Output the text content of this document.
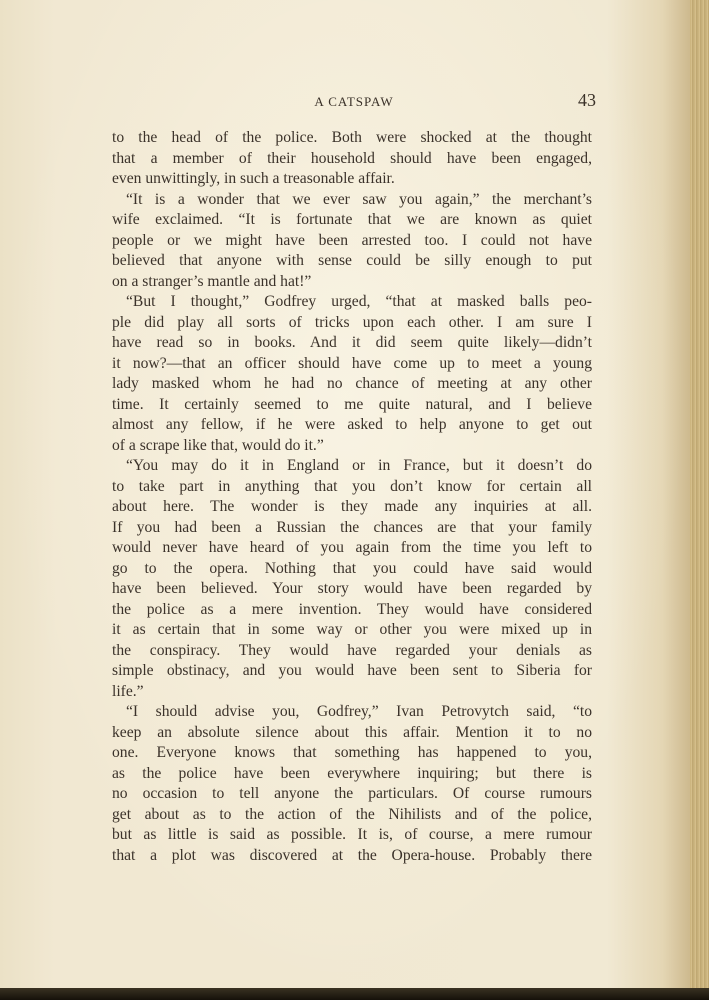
A CATSPAW	43
to the head of the police. Both were shocked at the thought
that a member of their household should have been engaged,
even unwittingly, in such a treasonable affair.
“It is a wonder that we ever saw you again,” the merchant’s
wife exclaimed. “It is fortunate that we are known as quiet
people or we might have been arrested too. I could not have
believed that anyone with sense could be silly enough to put
on a stranger’s mantle and hat!”
“But I thought,” Godfrey urged, “that at masked balls peo-
ple did play all sorts of tricks upon each other. I am sure I
have read so in books. And it did seem quite likely—didn’t
it now?—that an officer should have come up to meet a young
lady masked whom he had no chance of meeting at any other
time. It certainly seemed to me quite natural, and I believe
almost any fellow, if he were asked to help anyone to get out
of a scrape like that, would do it.”
“You may do it in England or in France, but it doesn’t do
to take part in anything that you don’t know for certain all
about here. The wonder is they made any inquiries at all.
If you had been a Russian the chances are that your family
would never have heard of you again from the time you left to
go to the opera. Nothing that you could have said would
have been believed. Your story would have been regarded by
the police as a mere invention. They would have considered
it as certain that in some way or other you were mixed up in
the conspiracy. They would have regarded your denials as
simple obstinacy, and you would have been sent to Siberia for
life.”
“I should advise you, Godfrey,” Ivan Petrovytch said, “to
keep an absolute silence about this affair. Mention it to no
one. Everyone knows that something has happened to you,
as the police have been everywhere inquiring; but there is
no occasion to tell anyone the particulars. Of course rumours
get about as to the action of the Nihilists and of the police,
but as little is said as possible. It is, of course, a mere rumour
that a plot was discovered at the Opera-house. Probably there
